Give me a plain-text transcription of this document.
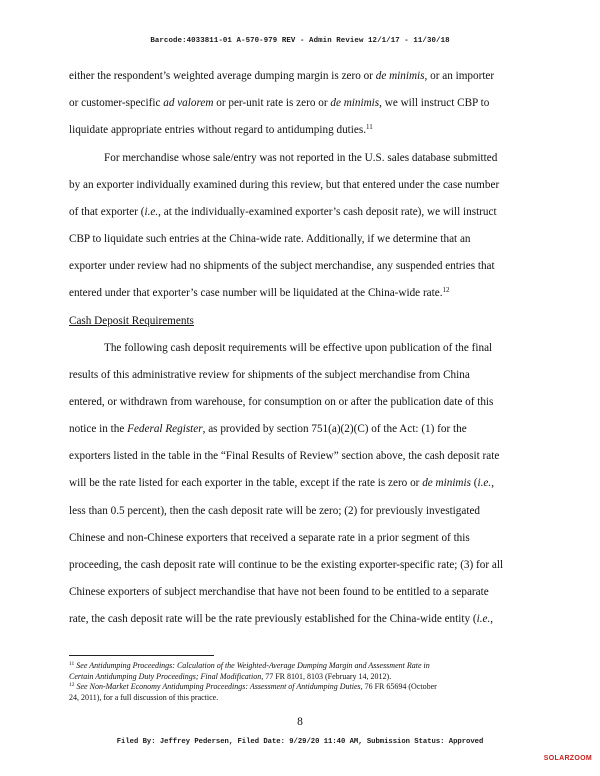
Barcode:4033811-01 A-570-979 REV - Admin Review 12/1/17 - 11/30/18
either the respondent’s weighted average dumping margin is zero or de minimis, or an importer
or customer-specific ad valorem or per-unit rate is zero or de minimis, we will instruct CBP to
liquidate appropriate entries without regard to antidumping duties.$^{11}$
For merchandise whose sale/entry was not reported in the U.S. sales database submitted
by an exporter individually examined during this review, but that entered under the case number
of that exporter (i.e., at the individually-examined exporter’s cash deposit rate), we will instruct
CBP to liquidate such entries at the China-wide rate. Additionally, if we determine that an
exporter under review had no shipments of the subject merchandise, any suspended entries that
entered under that exporter’s case number will be liquidated at the China-wide rate.$^{12}$
Cash Deposit Requirements
The following cash deposit requirements will be effective upon publication of the final
results of this administrative review for shipments of the subject merchandise from China
entered, or withdrawn from warehouse, for consumption on or after the publication date of this
notice in the Federal Register, as provided by section 751(a)(2)(C) of the Act: (1) for the
exporters listed in the table in the “Final Results of Review” section above, the cash deposit rate
will be the rate listed for each exporter in the table, except if the rate is zero or de minimis (i.e.,
less than 0.5 percent), then the cash deposit rate will be zero; (2) for previously investigated
Chinese and non-Chinese exporters that received a separate rate in a prior segment of this
proceeding, the cash deposit rate will continue to be the existing exporter-specific rate; (3) for all
Chinese exporters of subject merchandise that have not been found to be entitled to a separate
rate, the cash deposit rate will be the rate previously established for the China-wide entity (i.e.,
$^{11}$ See Antidumping Proceedings: Calculation of the Weighted-Average Dumping Margin and Assessment Rate in
Certain Antidumping Duty Proceedings; Final Modification, 77 FR 8101, 8103 (February 14, 2012).
$^{12}$ See Non-Market Economy Antidumping Proceedings: Assessment of Antidumping Duties, 76 FR 65694 (October
24, 2011), for a full discussion of this practice.
8
Filed By: Jeffrey Pedersen, Filed Date: 9/29/20 11:40 AM, Submission Status: Approved
SOLARZOOM
